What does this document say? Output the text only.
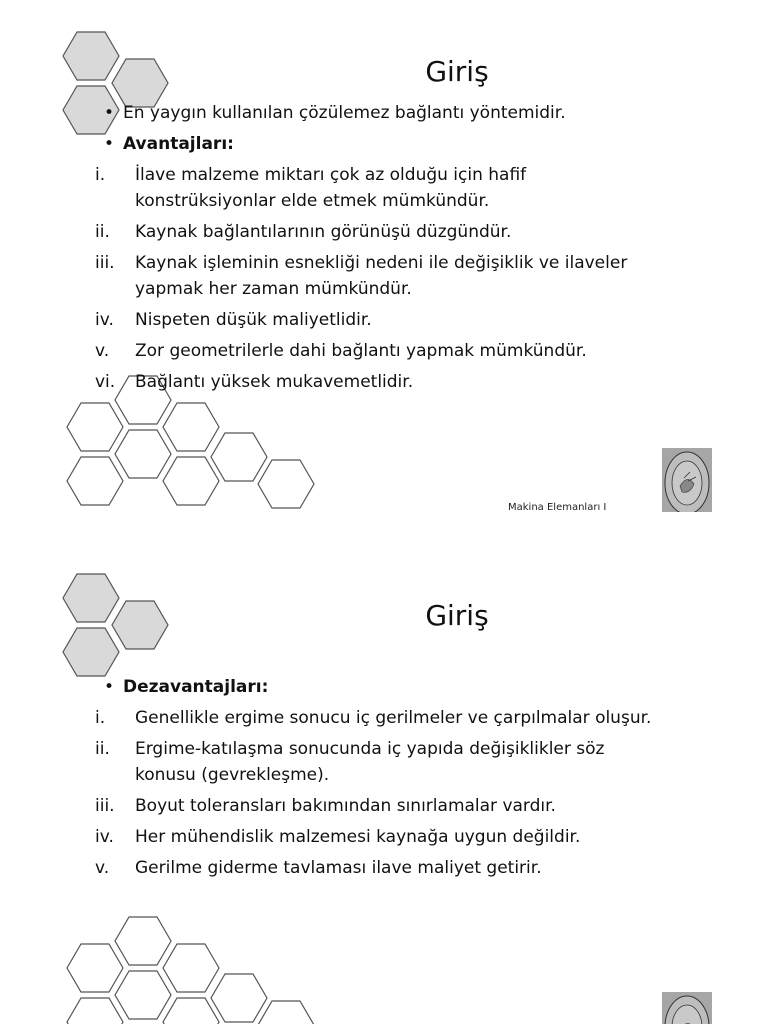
Giriş
• En yaygın kullanılan çözülemez bağlantı yöntemidir.
• Avantajları:
i.	İlave malzeme miktarı çok az olduğu için hafif
konstrüksiyonlar elde etmek mümkündür.
ii.	Kaynak bağlantılarının görünüşü düzgündür.
iii.	Kaynak işleminin esnekliği nedeni ile değişiklik ve ilaveler
yapmak her zaman mümkündür.
iv.	Nispeten düşük maliyetlidir.
v.	Zor geometrilerle dahi bağlantı yapmak mümkündür.
vi.	Bağlantı yüksek mukavemetlidir.
Makina Elemanları I
Giriş
• Dezavantajları:
i.	Genellikle ergime sonucu iç gerilmeler ve çarpılmalar oluşur.
ii.	Ergime-katılaşma sonucunda iç yapıda değişiklikler söz
konusu (gevrekleşme).
iii.	Boyut toleransları bakımından sınırlamalar vardır.
iv.	Her mühendislik malzemesi kaynağa uygun değildir.
v.	Gerilme giderme tavlaması ilave maliyet getirir.
